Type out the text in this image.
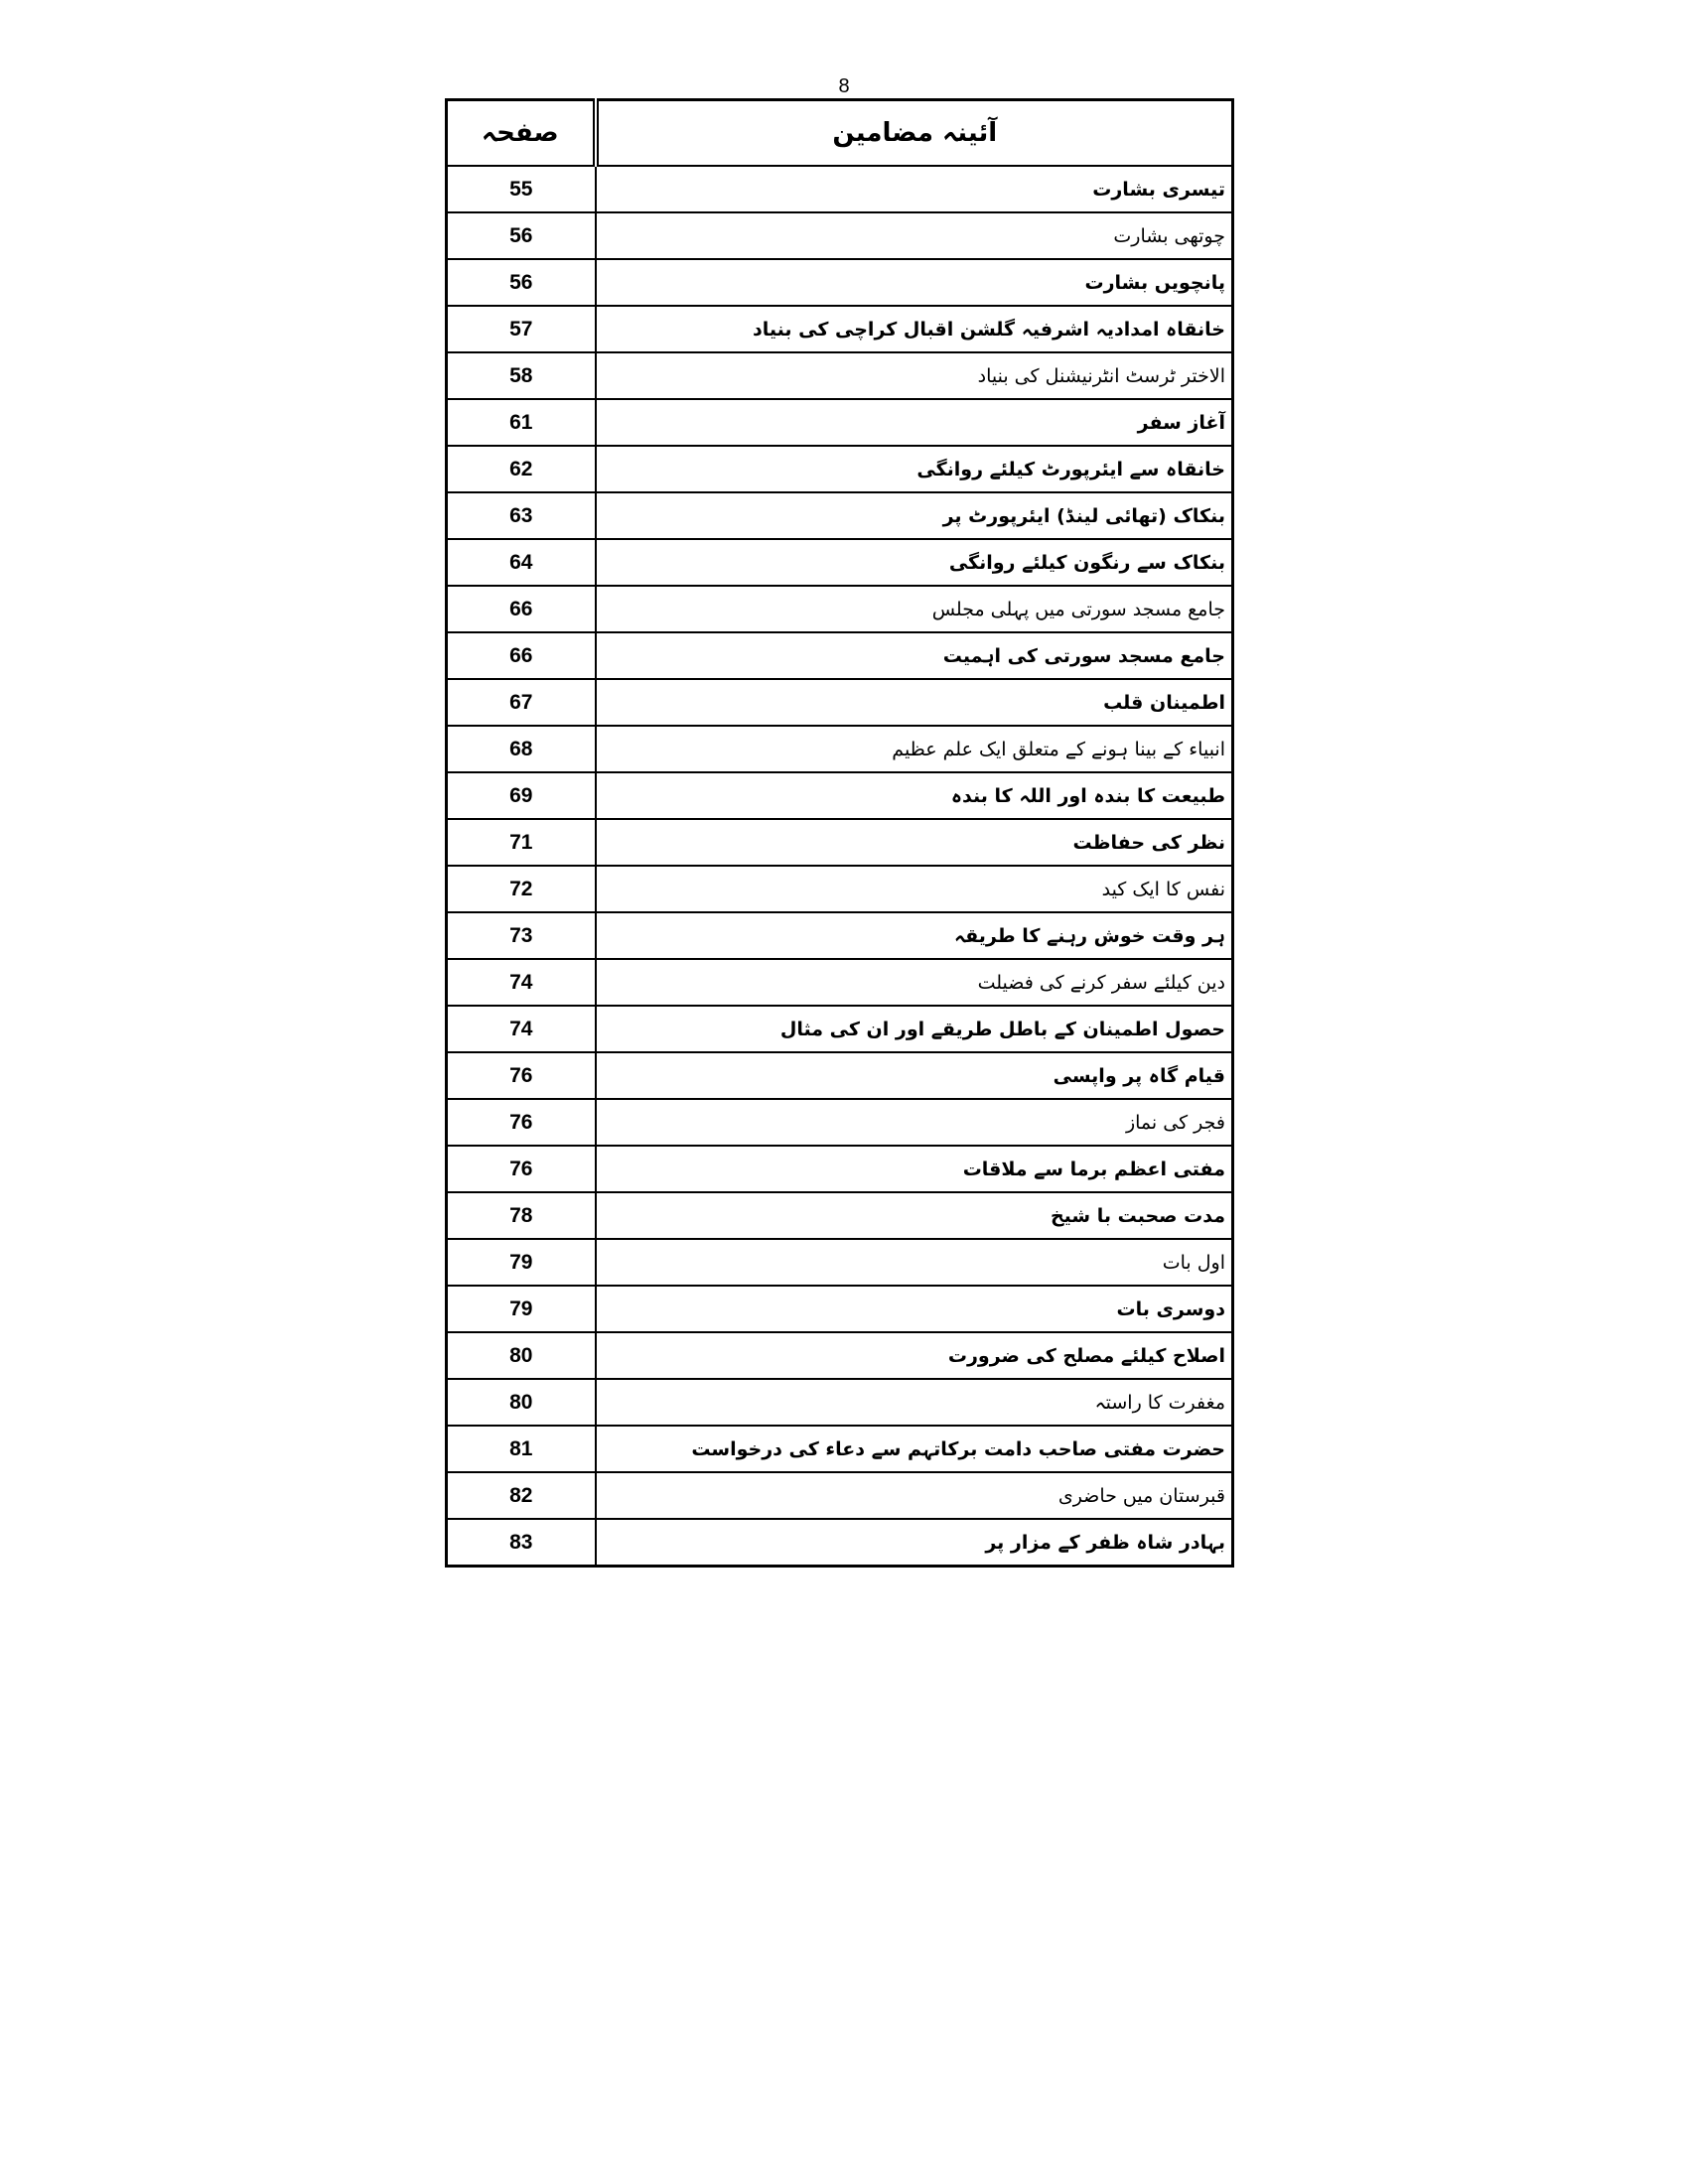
8
صفحہ	آئینہ مضامین
55	تیسری بشارت
56	چوتھی بشارت
56	پانچویں بشارت
57	خانقاہ امدادیہ اشرفیہ گلشن اقبال کراچی کی بنیاد
58	الاختر ٹرسٹ انٹرنیشنل کی بنیاد
61	آغاز سفر
62	خانقاہ سے ایئرپورٹ کیلئے روانگی
63	بنکاک (تھائی لینڈ) ایئرپورٹ پر
64	بنکاک سے رنگون کیلئے روانگی
66	جامع مسجد سورتی میں پہلی مجلس
66	جامع مسجد سورتی کی اہمیت
67	اطمینان قلب
68	انبیاء کے بینا ہونے کے متعلق ایک علم عظیم
69	طبیعت کا بندہ اور اللہ کا بندہ
71	نظر کی حفاظت
72	نفس کا ایک کید
73	ہر وقت خوش رہنے کا طریقہ
74	دین کیلئے سفر کرنے کی فضیلت
74	حصول اطمینان کے باطل طریقے اور ان کی مثال
76	قیام گاہ پر واپسی
76	فجر کی نماز
76	مفتی اعظم برما سے ملاقات
78	مدت صحبت با شیخ
79	اول بات
79	دوسری بات
80	اصلاح کیلئے مصلح کی ضرورت
80	مغفرت کا راستہ
81	حضرت مفتی صاحب دامت برکاتہم سے دعاء کی درخواست
82	قبرستان میں حاضری
83	بہادر شاہ ظفر کے مزار پر
